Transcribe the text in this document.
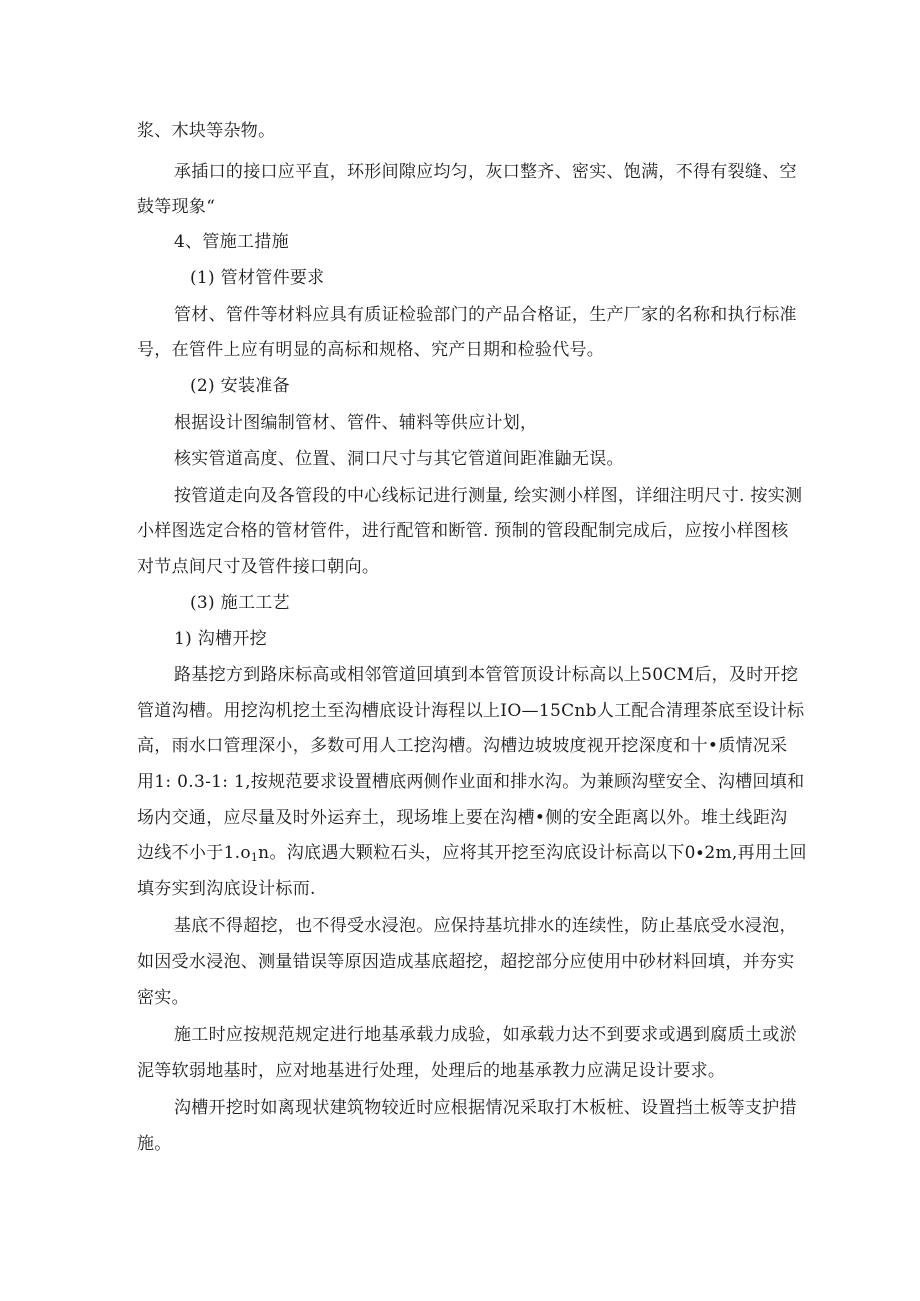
浆、木块等杂物。
承插口的接口应平直，环形间隙应均匀，灰口整齐、密实、饱满，不得有裂缝、空
鼓等现象“
4、管施工措施
(1) 管材管件要求
管材、管件等材料应具有质证检验部门的产品合格证，生产厂家的名称和执行标准
号，在管件上应有明显的高标和规格、究产日期和检验代号。
(2) 安装准备
根据设计图编制管材、管件、辅料等供应计划，
核实管道高度、位置、洞口尺寸与其它管道间距准鼬无误。
按管道走向及各管段的中心线标记进行测量, 绘实测小样图，详细注明尺寸. 按实测
小样图选定合格的管材管件，进行配管和断管. 预制的管段配制完成后，应按小样图核
对节点间尺寸及管件接口朝向。
(3) 施工工艺
1) 沟槽开挖
路基挖方到路床标高或相邻管道回填到本管管顶设计标高以上50CM后，及时开挖
管道沟槽。用挖沟机挖土至沟槽底设计海程以上IO—15Cnb人工配合清理茶底至设计标
高，雨水口管理深小，多数可用人工挖沟槽。沟槽边坡坡度视开挖深度和十•质情况采
用1: 0.3-1: 1,按规范要求设置槽底两侧作业面和排水沟。为兼顾沟壁安全、沟槽回填和
场内交通，应尽量及时外运弃土，现场堆上要在沟槽•侧的安全距离以外。堆土线距沟
边线不小于$1.o_1n$。沟底遇大颗粒石头，应将其开挖至沟底设计标高以下0∙2m,再用土回
填夯实到沟底设计标而.
基底不得超挖，也不得受水浸泡。应保持基坑排水的连续性，防止基底受水浸泡，
如因受水浸泡、测量错误等原因造成基底超挖，超挖部分应使用中砂材料回填，并夯实
密实。
施工时应按规范规定进行地基承载力成验，如承载力达不到要求或遇到腐质土或淤
泥等软弱地基时，应对地基进行处理，处理后的地基承教力应满足设计要求。
沟槽开挖时如离现状建筑物较近时应根据情况采取打木板桩、设置挡土板等支护措
施。
